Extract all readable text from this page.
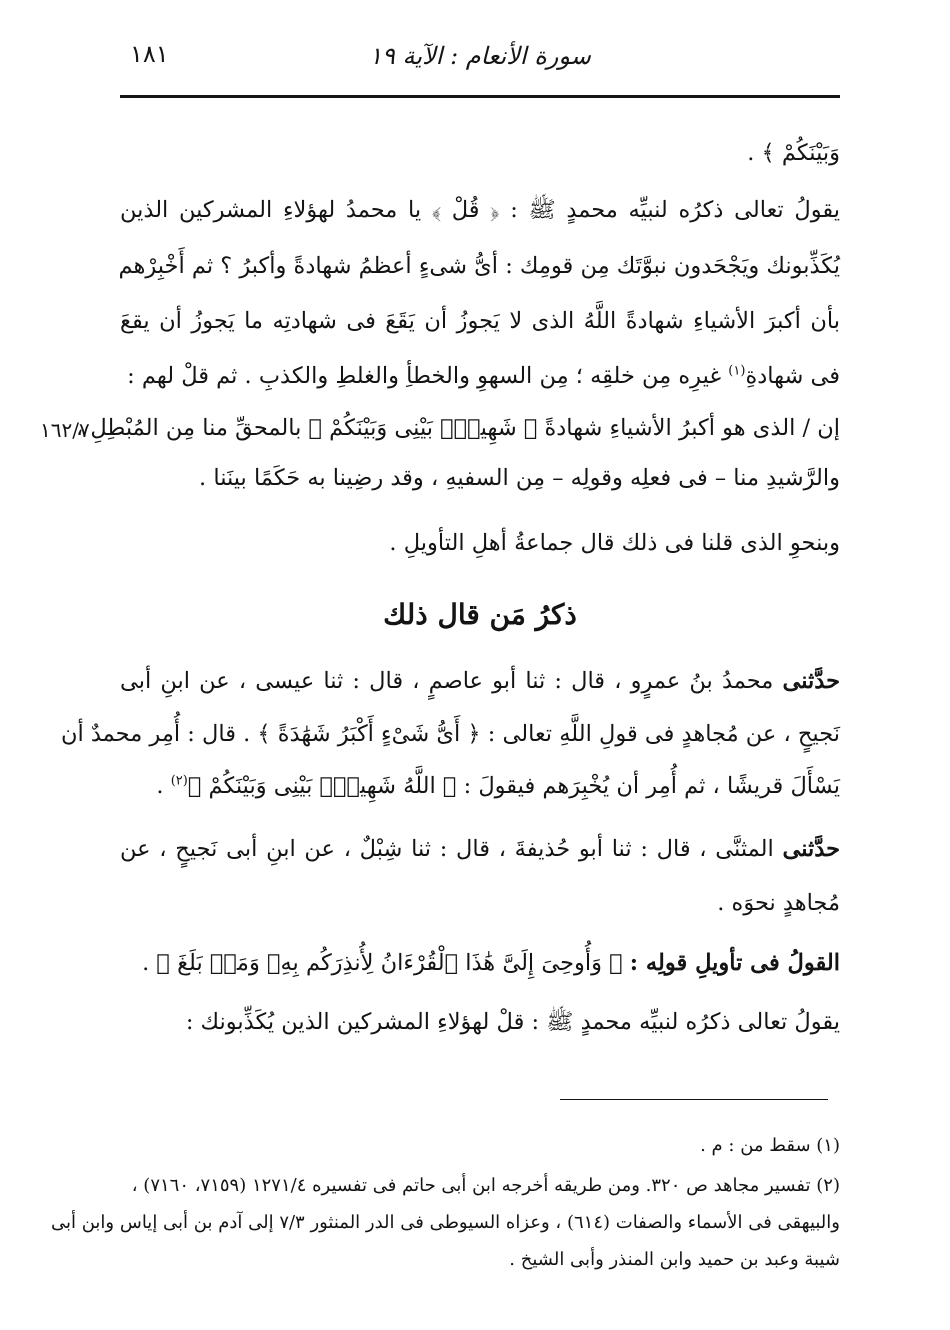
١٨١	سورة الأنعام : الآية ١٩
وَبَيْنَكُمْ ﴾ .
يقولُ تعالى ذكرُه لنبيِّه محمدٍ ﷺ : ﴿ قُلْ ﴾ يا محمدُ لهؤلاءِ المشركين الذين
يُكَذِّبونك ويَجْحَدون نبوَّتَك مِن قومِك : أىُّ شىءٍ أعظمُ شهادةً وأكبرُ ؟ ثم أَخْبِرْهم
بأن أكبرَ الأشياءِ شهادةً اللَّهُ الذى لا يَجوزُ أن يَقَعَ فى شهادتِه ما يَجوزُ أن يقعَ
فى شهادةِ$^{(١)}$ غيرِه مِن خلقِه ؛ مِن السهوِ والخطأِ والغلطِ والكذبِ . ثم قلْ لهم :
إن / الذى هو أكبرُ الأشياءِ شهادةً ﴿ شَهِيدُۢ بَيْنِى وَبَيْنَكُمْ ﴾ بالمحقِّ منا مِن المُبْطِلِ ،
١٦٢/٧
والرَّشيدِ منا – فى فعلِه وقولِه – مِن السفيهِ ، وقد رضِينا به حَكَمًا بينَنا .
وبنحوِ الذى قلنا فى ذلك قال جماعةُ أهلِ التأويلِ .
ذكرُ مَن قال ذلك
حدَّثنى محمدُ بنُ عمرٍو ، قال : ثنا أبو عاصمٍ ، قال : ثنا عيسى ، عن ابنِ أبى
نَجيحٍ ، عن مُجاهدٍ فى قولِ اللَّهِ تعالى : ﴿ أَىُّ شَىْءٍ أَكْبَرُ شَهَٰدَةً ﴾ . قال : أُمِر محمدٌ أن
يَسْأَلَ قريشًا ، ثم أُمِر أن يُخْبِرَهم فيقولَ : ﴿ اللَّهُ شَهِيدُۢ بَيْنِى وَبَيْنَكُمْ ﴾$^{(٢)}$ .
حدَّثنى المثنَّى ، قال : ثنا أبو حُذيفةَ ، قال : ثنا شِبْلٌ ، عن ابنِ أبى نَجيحٍ ، عن
مُجاهدٍ نحوَه .
القولُ فى تأويلِ قولِه : ﴿ وَأُوحِىَ إِلَىَّ هَٰذَا ٱلْقُرْءَانُ لِأُنذِرَكُم بِهِۦ وَمَنۢ بَلَغَ ﴾ .
يقولُ تعالى ذكرُه لنبيِّه محمدٍ ﷺ : قلْ لهؤلاءِ المشركين الذين يُكَذِّبونك :
(١) سقط من : م .
(٢) تفسير مجاهد ص ٣٢٠. ومن طريقه أخرجه ابن أبى حاتم فى تفسيره ١٢٧١/٤ (٧١٥٩، ٧١٦٠) ،
والبيهقى فى الأسماء والصفات (٦١٤) ، وعزاه السيوطى فى الدر المنثور ٧/٣ إلى آدم بن أبى إياس وابن أبى
شيبة وعبد بن حميد وابن المنذر وأبى الشيخ .
